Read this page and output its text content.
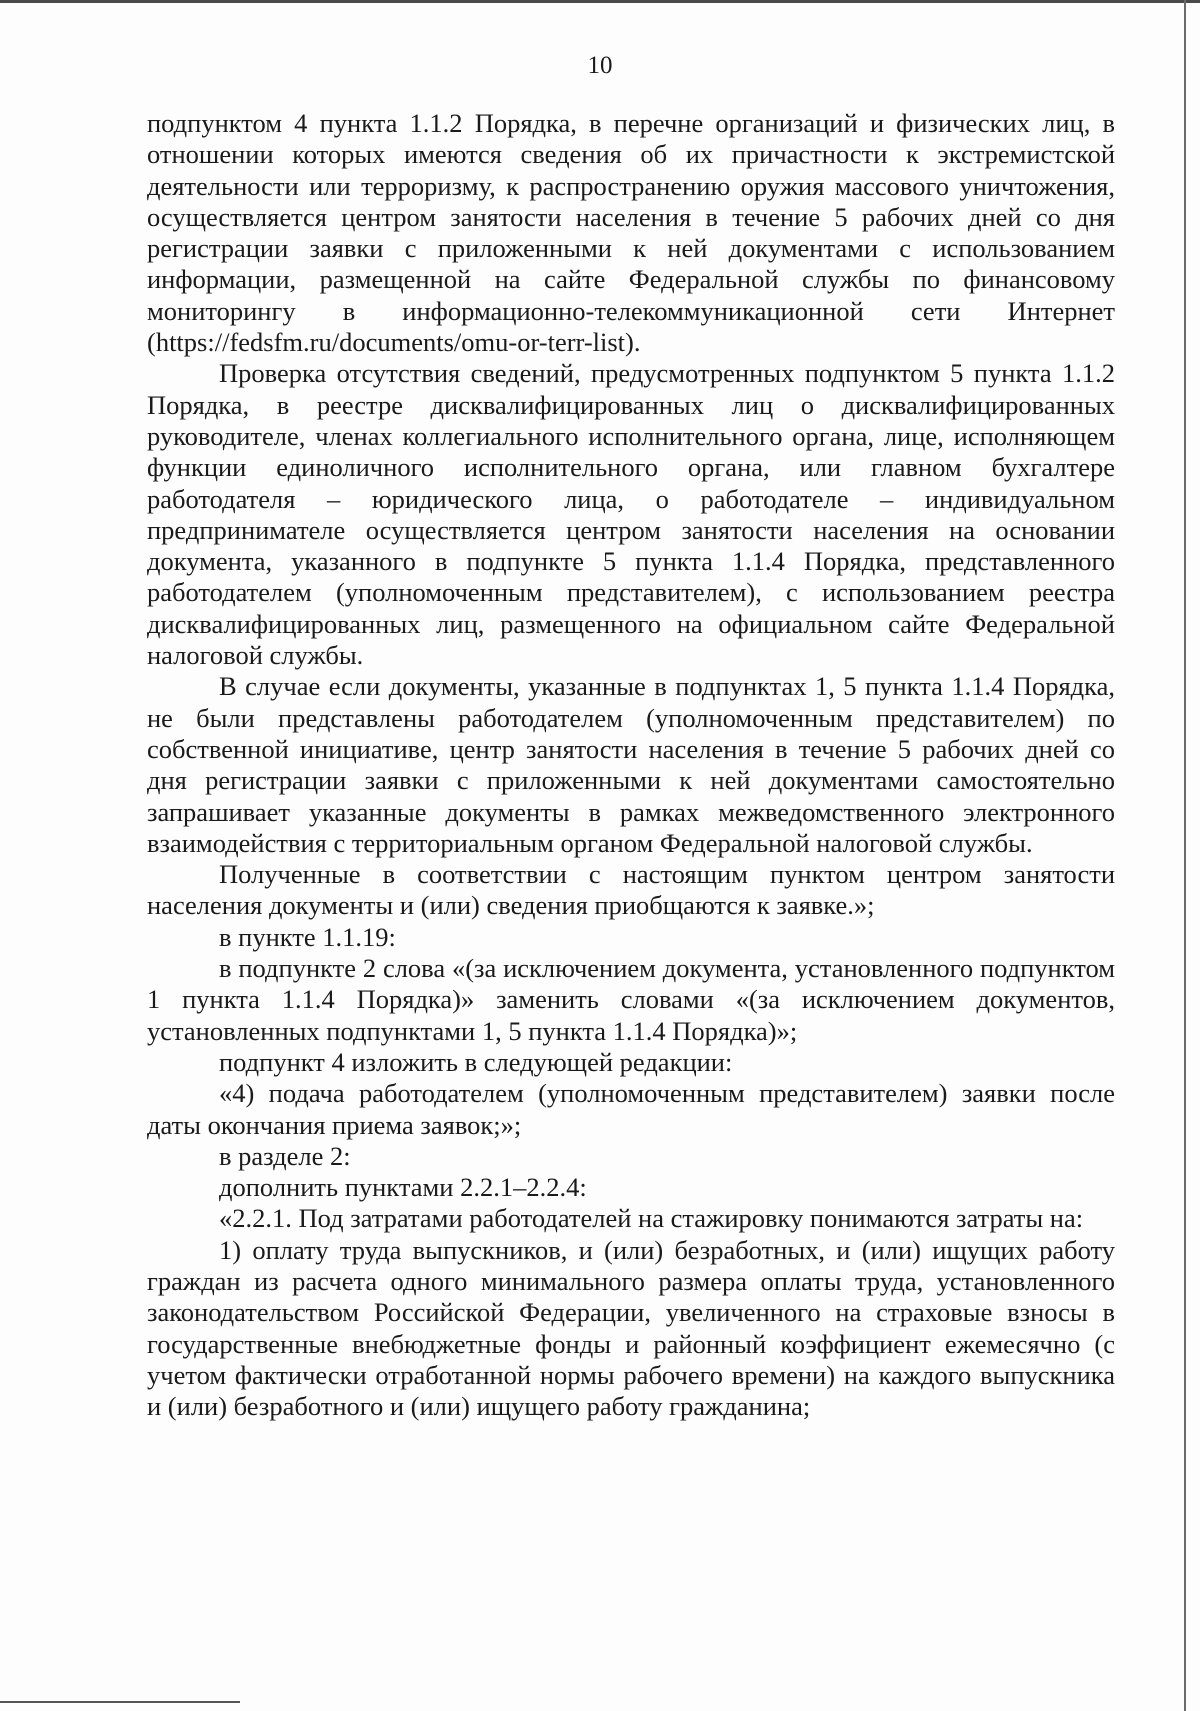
10

подпунктом 4 пункта 1.1.2 Порядка, в перечне организаций и физических лиц, в отношении которых имеются сведения об их причастности к экстремистской деятельности или терроризму, к распространению оружия массового уничтожения, осуществляется центром занятости населения в течение 5 рабочих дней со дня регистрации заявки с приложенными к ней документами с использованием информации, размещенной на сайте Федеральной службы по финансовому мониторингу в информационно-телекоммуникационной сети Интернет (https://fedsfm.ru/documents/omu-or-terr-list).

Проверка отсутствия сведений, предусмотренных подпунктом 5 пункта 1.1.2 Порядка, в реестре дисквалифицированных лиц о дисквалифицированных руководителе, членах коллегиального исполнительного органа, лице, исполняющем функции единоличного исполнительного органа, или главном бухгалтере работодателя – юридического лица, о работодателе – индивидуальном предпринимателе осуществляется центром занятости населения на основании документа, указанного в подпункте 5 пункта 1.1.4 Порядка, представленного работодателем (уполномоченным представителем), с использованием реестра дисквалифицированных лиц, размещенного на официальном сайте Федеральной налоговой службы.

В случае если документы, указанные в подпунктах 1, 5 пункта 1.1.4 Порядка, не были представлены работодателем (уполномоченным представителем) по собственной инициативе, центр занятости населения в течение 5 рабочих дней со дня регистрации заявки с приложенными к ней документами самостоятельно запрашивает указанные документы в рамках межведомственного электронного взаимодействия с территориальным органом Федеральной налоговой службы.

Полученные в соответствии с настоящим пунктом центром занятости населения документы и (или) сведения приобщаются к заявке.»;

в пункте 1.1.19:

в подпункте 2 слова «(за исключением документа, установленного подпунктом 1 пункта 1.1.4 Порядка)» заменить словами «(за исключением документов, установленных подпунктами 1, 5 пункта 1.1.4 Порядка)»;

подпункт 4 изложить в следующей редакции:

«4) подача работодателем (уполномоченным представителем) заявки после даты окончания приема заявок;»;

в разделе 2:

дополнить пунктами 2.2.1–2.2.4:

«2.2.1. Под затратами работодателей на стажировку понимаются затраты на:

1) оплату труда выпускников, и (или) безработных, и (или) ищущих работу граждан из расчета одного минимального размера оплаты труда, установленного законодательством Российской Федерации, увеличенного на страховые взносы в государственные внебюджетные фонды и районный коэффициент ежемесячно (с учетом фактически отработанной нормы рабочего времени) на каждого выпускника и (или) безработного и (или) ищущего работу гражданина;
